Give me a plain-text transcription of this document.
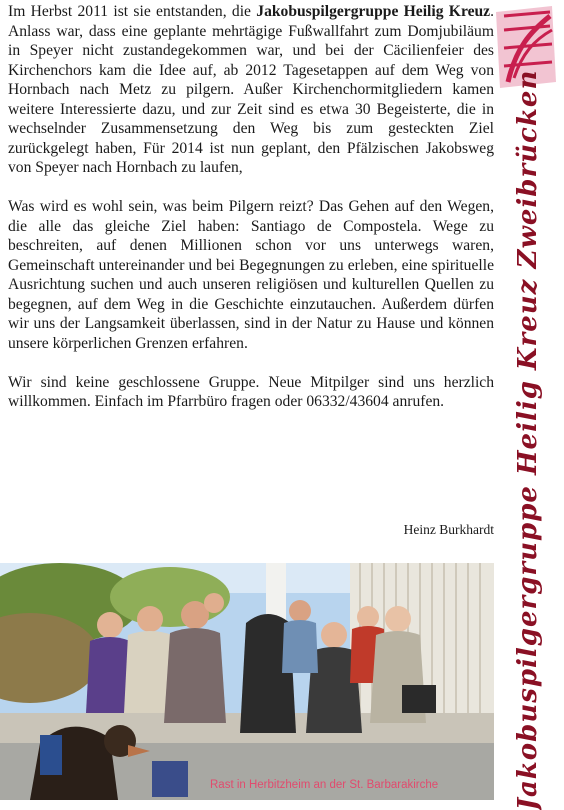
Im Herbst 2011 ist sie entstanden, die Jakobuspilgergruppe Heilig Kreuz. Anlass war, dass eine geplante mehrtägige Fußwallfahrt zum Domjubiläum in Speyer nicht zustandegekommen war, und bei der Cäcilienfeier des Kirchenchors kam die Idee auf, ab 2012 Tagesetappen auf dem Weg von Hornbach nach Metz zu pilgern. Außer Kirchenchormitgliedern kamen weitere Interessierte dazu, und zur Zeit sind es etwa 30 Begeisterte, die in wechselnder Zusammensetzung den Weg bis zum gesteckten Ziel zurückgelegt haben, Für 2014 ist nun geplant, den Pfälzischen Jakobsweg von Speyer nach Hornbach zu laufen,

Was wird es wohl sein, was beim Pilgern reizt? Das Gehen auf den Wegen, die alle das gleiche Ziel haben: Santiago de Compostela. Wege zu beschreiten, auf denen Millionen schon vor uns unterwegs waren, Gemeinschaft untereinander und bei Begegnungen zu erleben, eine spirituelle Ausrichtung suchen und auch unseren religiösen und kulturellen Quellen zu begegnen, auf dem Weg in die Geschichte einzutauchen. Außerdem dürfen wir uns der Langsamkeit überlassen, sind in der Natur zu Hause und können unsere körperlichen Grenzen erfahren.

Wir sind keine geschlossene Gruppe. Neue Mitpilger sind uns herzlich willkommen. Einfach im Pfarrbüro fragen oder 06332/43604 anrufen.

Heinz Burkhardt Jakobuspilgergruppe Heilig Kreuz Zweibrücken
Rast in Herbitzheim an der St. Barbarakirche
